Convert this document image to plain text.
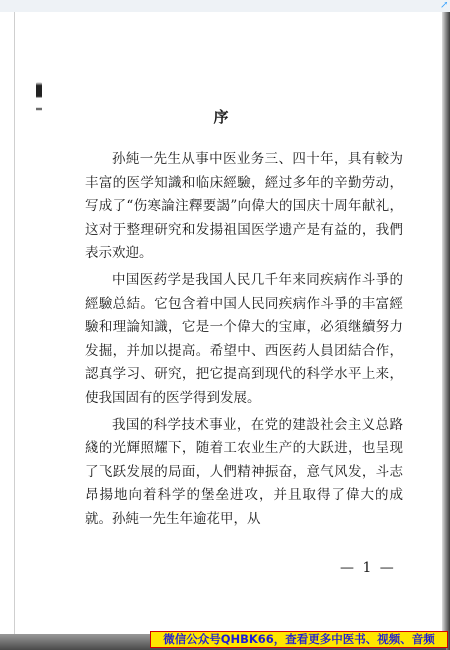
↗
序

孙純一先生从事中医业务三、四十年，具有較为丰富的医学知識和临床經驗，經过多年的辛勤劳动，写成了“伤寒論注釋要謁”向偉大的国庆十周年献礼，这对于整理研究和发揚祖国医学遗产是有益的，我們表示欢迎。

中国医药学是我国人民几千年来同疾病作斗爭的經驗总結。它包含着中国人民同疾病作斗爭的丰富經驗和理論知識，它是一个偉大的宝庫，必須继續努力发掘，并加以提高。希望中、西医药人員团結合作，認真学习、研究，把它提高到现代的科学水平上来，使我国固有的医学得到发展。

我国的科学技术事业，在党的建設社会主义总路綫的光輝照耀下，随着工农业生产的大跃进，也呈现了飞跃发展的局面，人們精神振奋，意气风发，斗志昂揚地向着科学的堡垒进攻，并且取得了偉大的成就。孙純一先生年逾花甲，从

— 1 —
微信公众号QHBK66，查看更多中医书、视频、音频
